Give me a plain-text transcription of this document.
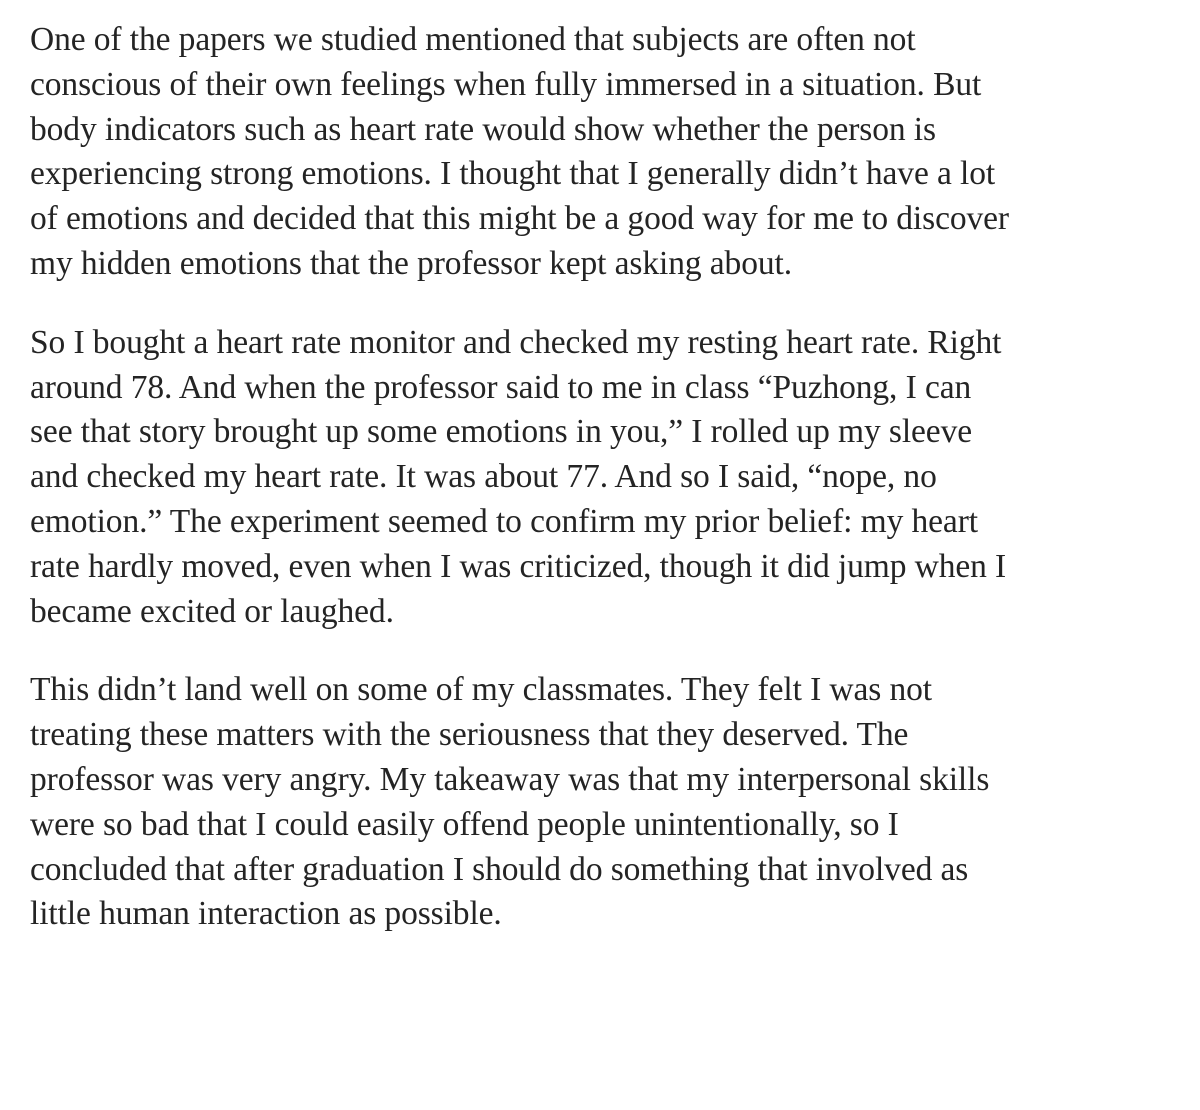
One of the papers we studied mentioned that subjects are often not
conscious of their own feelings when fully immersed in a situation. But
body indicators such as heart rate would show whether the person is
experiencing strong emotions. I thought that I generally didn’t have a lot
of emotions and decided that this might be a good way for me to discover
my hidden emotions that the professor kept asking about.

So I bought a heart rate monitor and checked my resting heart rate. Right
around 78. And when the professor said to me in class “Puzhong, I can
see that story brought up some emotions in you,” I rolled up my sleeve
and checked my heart rate. It was about 77. And so I said, “nope, no
emotion.” The experiment seemed to confirm my prior belief: my heart
rate hardly moved, even when I was criticized, though it did jump when I
became excited or laughed.

This didn’t land well on some of my classmates. They felt I was not
treating these matters with the seriousness that they deserved. The
professor was very angry. My takeaway was that my interpersonal skills
were so bad that I could easily offend people unintentionally, so I
concluded that after graduation I should do something that involved as
little human interaction as possible.
